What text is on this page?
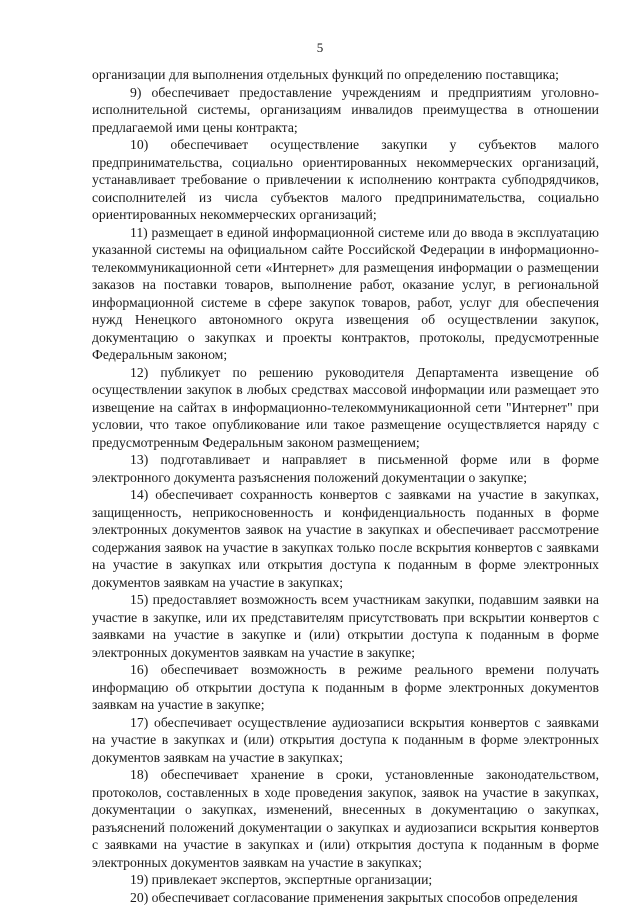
5

организации для выполнения отдельных функций по определению поставщика;

9) обеспечивает предоставление учреждениям и предприятиям уголовно-исполнительной системы, организациям инвалидов преимущества в отношении предлагаемой ими цены контракта;

10) обеспечивает осуществление закупки у субъектов малого предпринимательства, социально ориентированных некоммерческих организаций, устанавливает требование о привлечении к исполнению контракта субподрядчиков, соисполнителей из числа субъектов малого предпринимательства, социально ориентированных некоммерческих организаций;

11) размещает в единой информационной системе или до ввода в эксплуатацию указанной системы на официальном сайте Российской Федерации в информационно-телекоммуникационной сети «Интернет» для размещения информации о размещении заказов на поставки товаров, выполнение работ, оказание услуг, в региональной информационной системе в сфере закупок товаров, работ, услуг для обеспечения нужд Ненецкого автономного округа извещения об осуществлении закупок, документацию о закупках и проекты контрактов, протоколы, предусмотренные Федеральным законом;

12) публикует по решению руководителя Департамента извещение об осуществлении закупок в любых средствах массовой информации или размещает это извещение на сайтах в информационно-телекоммуникационной сети "Интернет" при условии, что такое опубликование или такое размещение осуществляется наряду с предусмотренным Федеральным законом размещением;

13) подготавливает и направляет в письменной форме или в форме электронного документа разъяснения положений документации о закупке;

14) обеспечивает сохранность конвертов с заявками на участие в закупках, защищенность, неприкосновенность и конфиденциальность поданных в форме электронных документов заявок на участие в закупках и обеспечивает рассмотрение содержания заявок на участие в закупках только после вскрытия конвертов с заявками на участие в закупках или открытия доступа к поданным в форме электронных документов заявкам на участие в закупках;

15) предоставляет возможность всем участникам закупки, подавшим заявки на участие в закупке, или их представителям присутствовать при вскрытии конвертов с заявками на участие в закупке и (или) открытии доступа к поданным в форме электронных документов заявкам на участие в закупке;

16) обеспечивает возможность в режиме реального времени получать информацию об открытии доступа к поданным в форме электронных документов заявкам на участие в закупке;

17) обеспечивает осуществление аудиозаписи вскрытия конвертов с заявками на участие в закупках и (или) открытия доступа к поданным в форме электронных документов заявкам на участие в закупках;

18) обеспечивает хранение в сроки, установленные законодательством, протоколов, составленных в ходе проведения закупок, заявок на участие в закупках, документации о закупках, изменений, внесенных в документацию о закупках, разъяснений положений документации о закупках и аудиозаписи вскрытия конвертов с заявками на участие в закупках и (или) открытия доступа к поданным в форме электронных документов заявкам на участие в закупках;

19) привлекает экспертов, экспертные организации;

20) обеспечивает согласование применения закрытых способов определения
